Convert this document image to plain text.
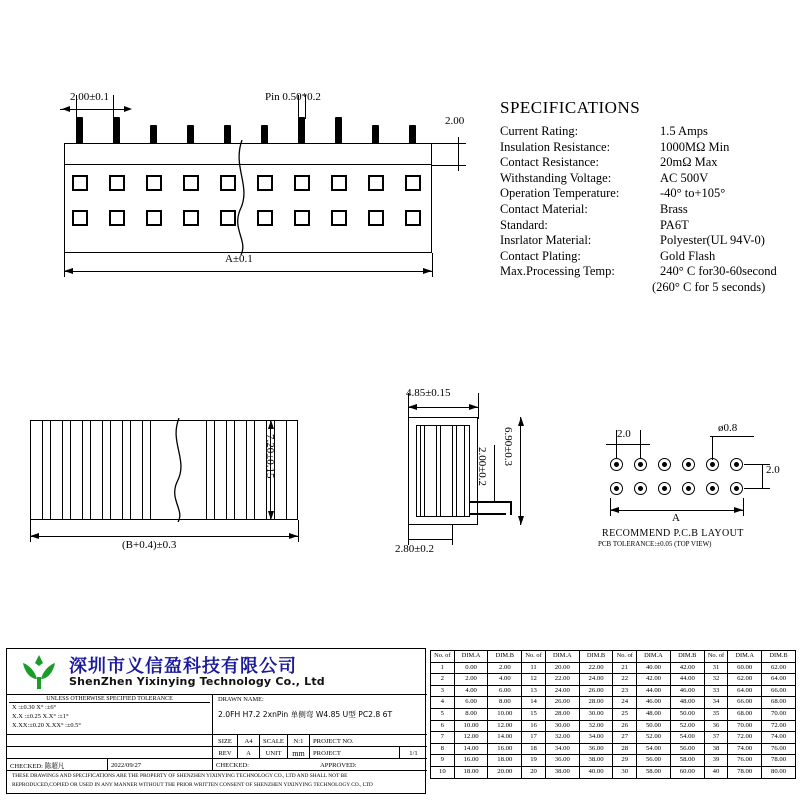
2.00±0.1	Pin 0.50*0.2
2.00
A±0.1
SPECIFICATIONS
Current Rating:	1.5 Amps
Insulation Resistance:	1000MΩ Min
Contact Resistance:	20mΩ Max
Withstanding Voltage:	AC 500V
Operation Temperature:	-40° to+105°
Contact Material:	Brass
Standard:	PA6T
Insrlator Material:	Polyester(UL 94V-0)
Contact Plating:	Gold Flash
Max.Processing Temp:	240° C for30-60second
(260° C for 5 seconds)
7.20±0.15
(B+0.4)±0.3
4.85±0.15
6.90±0.3
2.00±0.2
2.80±0.2
2.0	ø0.8
2.0
A
RECOMMEND P.C.B LAYOUT
PCB TOLERANCE:±0.05 (TOP VIEW)
深圳市义信盈科技有限公司
ShenZhen Yixinying Technology Co., Ltd
UNLESS OTHERWISE SPECIFIED TOLERANCE
X :±0.30 X° :±6°
X.X :±0.25 X.X° :±1°
X.XX:±0.20 X.XX° :±0.5°
DRAWN NAME:
2.0FH H7.2 2xnPin 单侧弯 W4.85 U型 PC2.8 6T
SIZE	A4	SCALE	N:1	PROJECT NO.
REV	A	UNIT	mm	PROJECT	1/1
CHECKED: 陈超凡	2022/09/27	CHECKED:	APPROVED:
THESE DRAWINGS AND SPECIFICATIONS ARE THE PROPERTY OF SHENZHEN YIXINYING TECHNOLOGY CO., LTD AND SHALL NOT BE
REPRODUCED,COPIED OR USED IN ANY MANNER WITHOUT THE PRIOR WRITTEN CONSENT OF SHENZHEN YIXINYING TECHNOLOGY CO., LTD
No. of	DIM.A	DIM.B	No. of	DIM.A	DIM.B	No. of	DIM.A	DIM.B	No. of	DIM.A	DIM.B
1	0.00	2.00	11	20.00	22.00	21	40.00	42.00	31	60.00	62.00
2	2.00	4.00	12	22.00	24.00	22	42.00	44.00	32	62.00	64.00
3	4.00	6.00	13	24.00	26.00	23	44.00	46.00	33	64.00	66.00
4	6.00	8.00	14	26.00	28.00	24	46.00	48.00	34	66.00	68.00
5	8.00	10.00	15	28.00	30.00	25	48.00	50.00	35	68.00	70.00
6	10.00	12.00	16	30.00	32.00	26	50.00	52.00	36	70.00	72.00
7	12.00	14.00	17	32.00	34.00	27	52.00	54.00	37	72.00	74.00
8	14.00	16.00	18	34.00	36.00	28	54.00	56.00	38	74.00	76.00
9	16.00	18.00	19	36.00	38.00	29	56.00	58.00	39	76.00	78.00
10	18.00	20.00	20	38.00	40.00	30	58.00	60.00	40	78.00	80.00
